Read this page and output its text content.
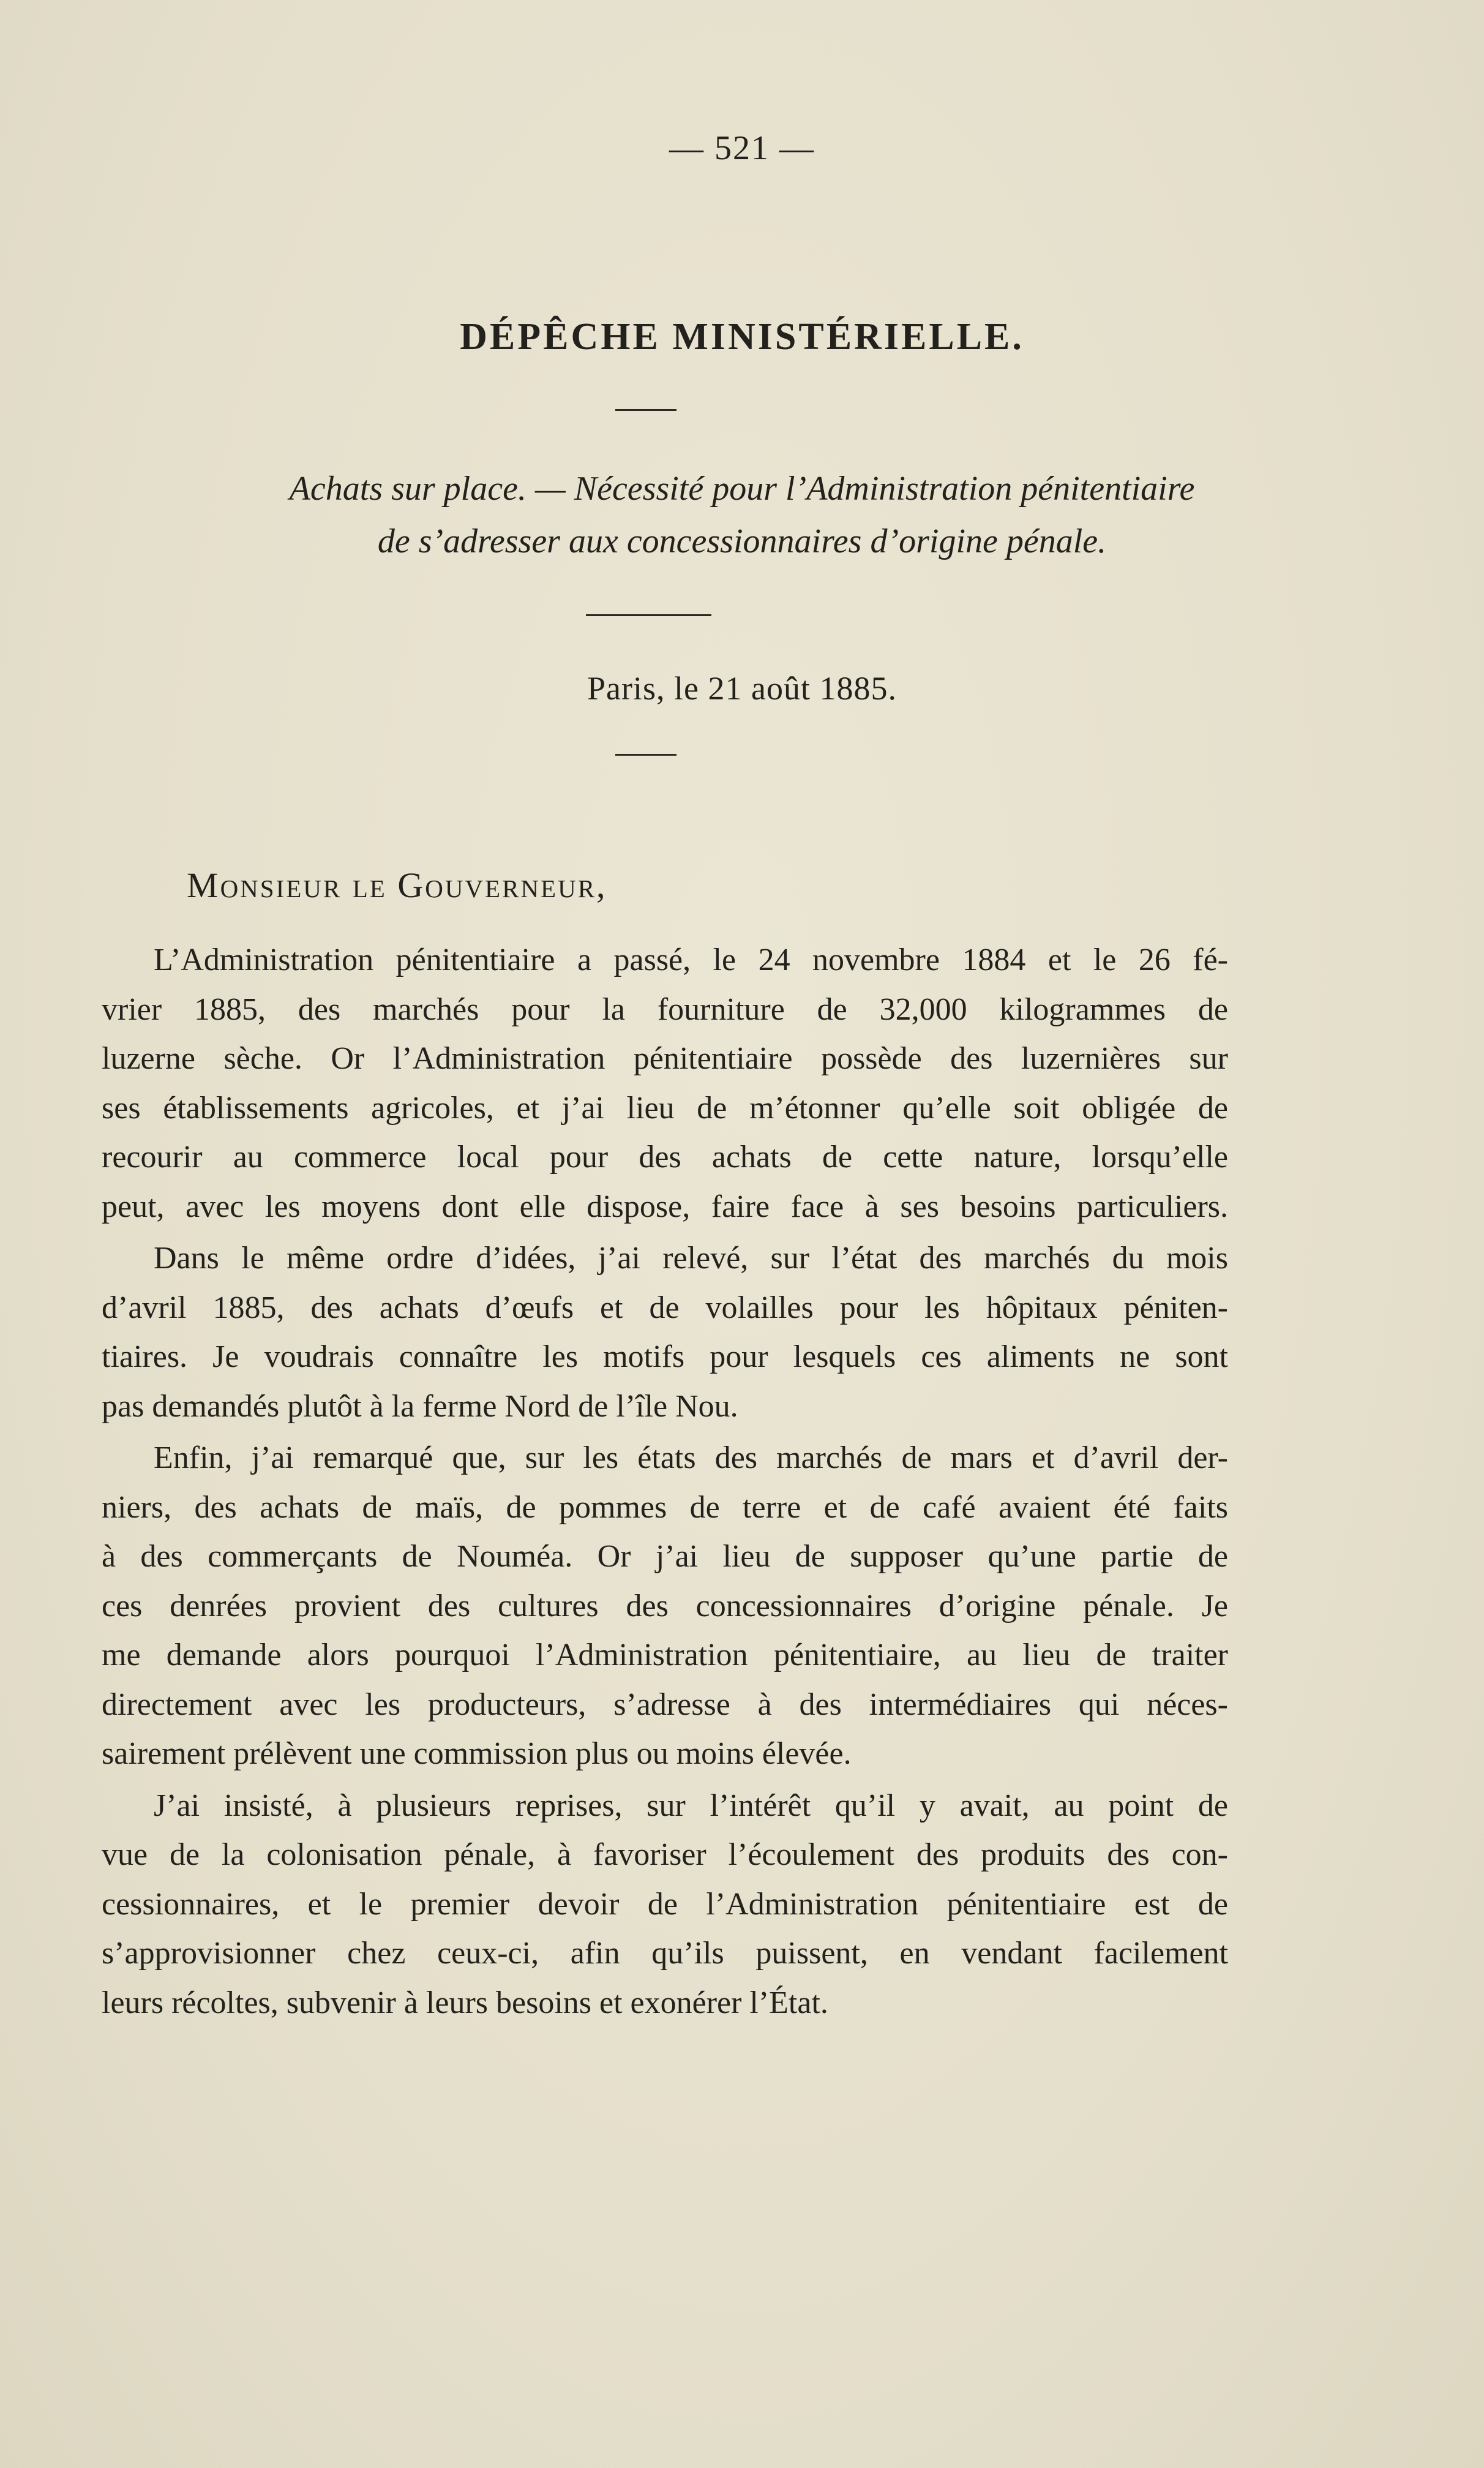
— 521 —
DÉPÊCHE MINISTÉRIELLE.
Achats sur place. — Nécessité pour l’Administration pénitentiaire
de s’adresser aux concessionnaires d’origine pénale.
Paris, le 21 août 1885.
Monsieur le Gouverneur,

L’Administration pénitentiaire a passé, le 24 novembre 1884 et le 26 fé-
vrier 1885, des marchés pour la fourniture de 32,000 kilogrammes de
luzerne sèche. Or l’Administration pénitentiaire possède des luzernières sur
ses établissements agricoles, et j’ai lieu de m’étonner qu’elle soit obligée de
recourir au commerce local pour des achats de cette nature, lorsqu’elle
peut, avec les moyens dont elle dispose, faire face à ses besoins particuliers.

Dans le même ordre d’idées, j’ai relevé, sur l’état des marchés du mois
d’avril 1885, des achats d’œufs et de volailles pour les hôpitaux péniten-
tiaires. Je voudrais connaître les motifs pour lesquels ces aliments ne sont
pas demandés plutôt à la ferme Nord de l’île Nou.

Enfin, j’ai remarqué que, sur les états des marchés de mars et d’avril der-
niers, des achats de maïs, de pommes de terre et de café avaient été faits
à des commerçants de Nouméa. Or j’ai lieu de supposer qu’une partie de
ces denrées provient des cultures des concessionnaires d’origine pénale. Je
me demande alors pourquoi l’Administration pénitentiaire, au lieu de traiter
directement avec les producteurs, s’adresse à des intermédiaires qui néces-
sairement prélèvent une commission plus ou moins élevée.

J’ai insisté, à plusieurs reprises, sur l’intérêt qu’il y avait, au point de
vue de la colonisation pénale, à favoriser l’écoulement des produits des con-
cessionnaires, et le premier devoir de l’Administration pénitentiaire est de
s’approvisionner chez ceux-ci, afin qu’ils puissent, en vendant facilement
leurs récoltes, subvenir à leurs besoins et exonérer l’État.
